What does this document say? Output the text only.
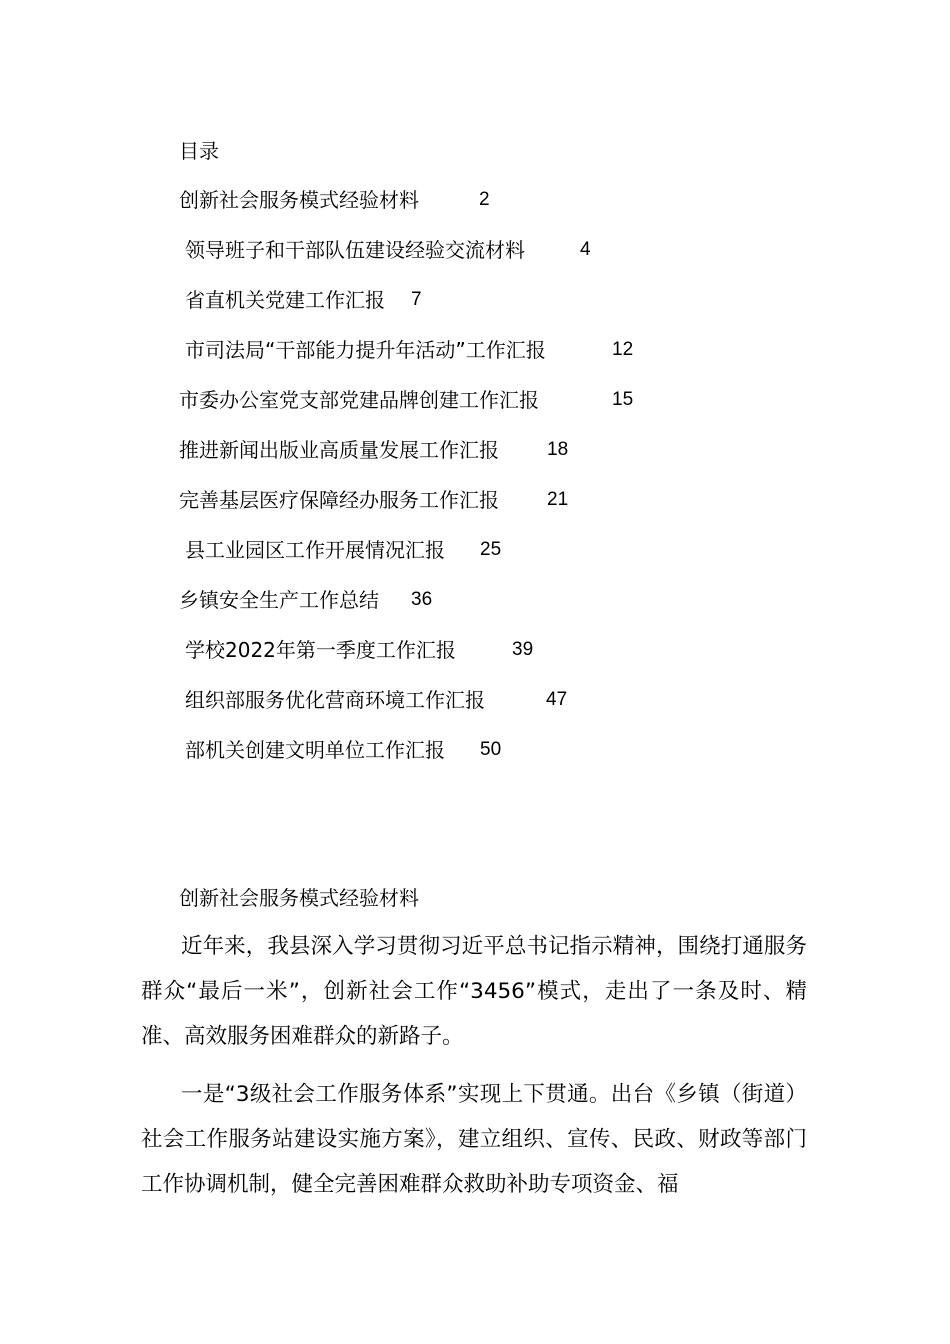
目录
创新社会服务模式经验材料	2
领导班子和干部队伍建设经验交流材料	4
省直机关党建工作汇报 7
市司法局“干部能力提升年活动”工作汇报	12
市委办公室党支部党建品牌创建工作汇报	15
推进新闻出版业高质量发展工作汇报	18
完善基层医疗保障经办服务工作汇报	21
县工业园区工作开展情况汇报 25
乡镇安全生产工作总结 36
学校2022年第一季度工作汇报	39
组织部服务优化营商环境工作汇报	47
部机关创建文明单位工作汇报 50
创新社会服务模式经验材料

近年来，我县深入学习贯彻习近平总书记指示精神，围绕打通服务群众“最后一米”，创新社会工作“3456”模式，走出了一条及时、精准、高效服务困难群众的新路子。

一是“3级社会工作服务体系”实现上下贯通。出台《乡镇（街道）社会工作服务站建设实施方案》，建立组织、宣传、民政、财政等部门工作协调机制，健全完善困难群众救助补助专项资金、福
